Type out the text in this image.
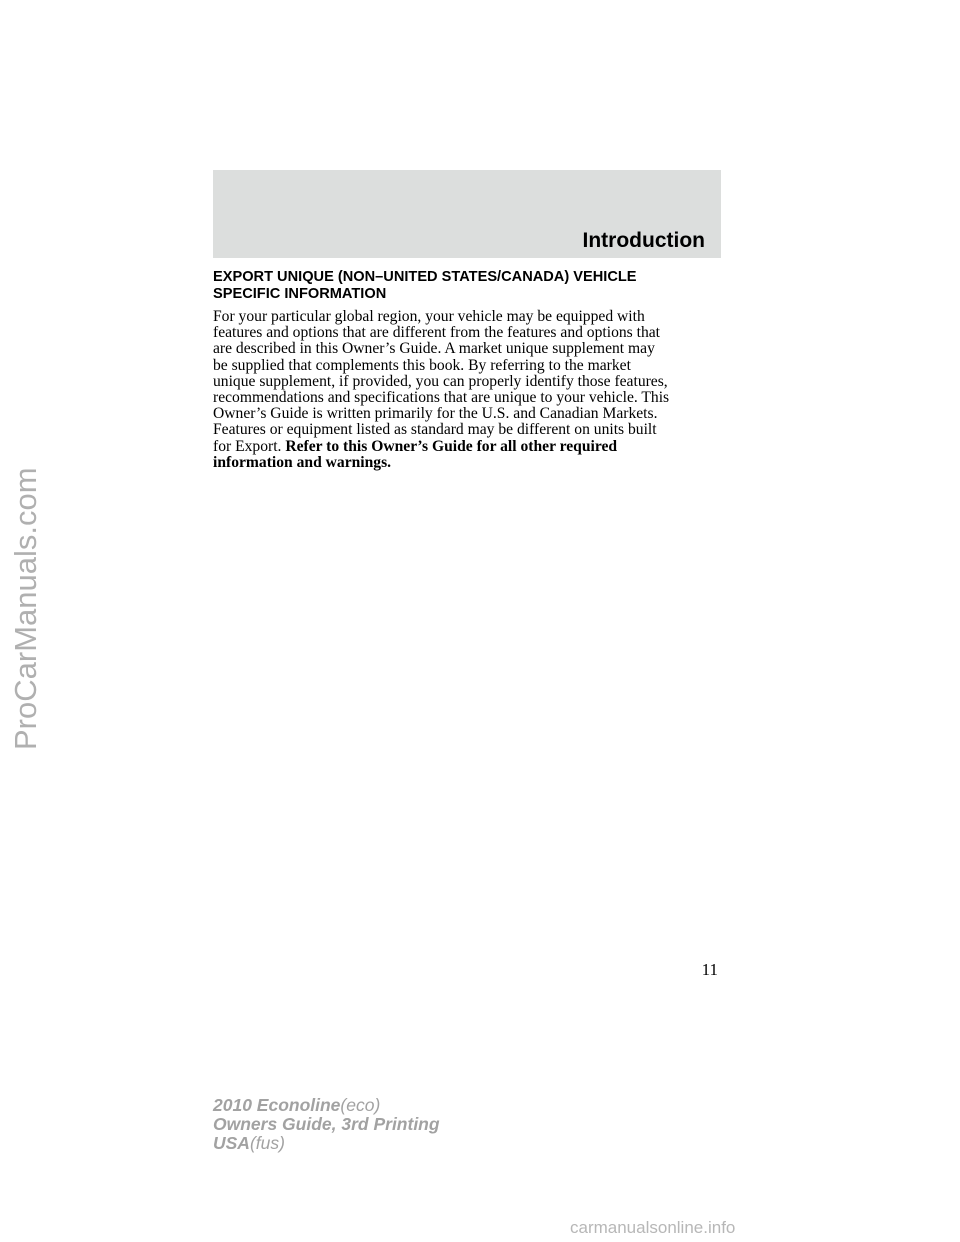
Introduction
EXPORT UNIQUE (NON–UNITED STATES/CANADA) VEHICLE
SPECIFIC INFORMATION

For your particular global region, your vehicle may be equipped with
features and options that are different from the features and options that
are described in this Owner’s Guide. A market unique supplement may
be supplied that complements this book. By referring to the market
unique supplement, if provided, you can properly identify those features,
recommendations and specifications that are unique to your vehicle. This
Owner’s Guide is written primarily for the U.S. and Canadian Markets.
Features or equipment listed as standard may be different on units built
for Export. Refer to this Owner’s Guide for all other required
information and warnings.

11
2010 Econoline(eco)
Owners Guide, 3rd Printing
USA(fus)
ProCarManuals.com
carmanualsonline.info
